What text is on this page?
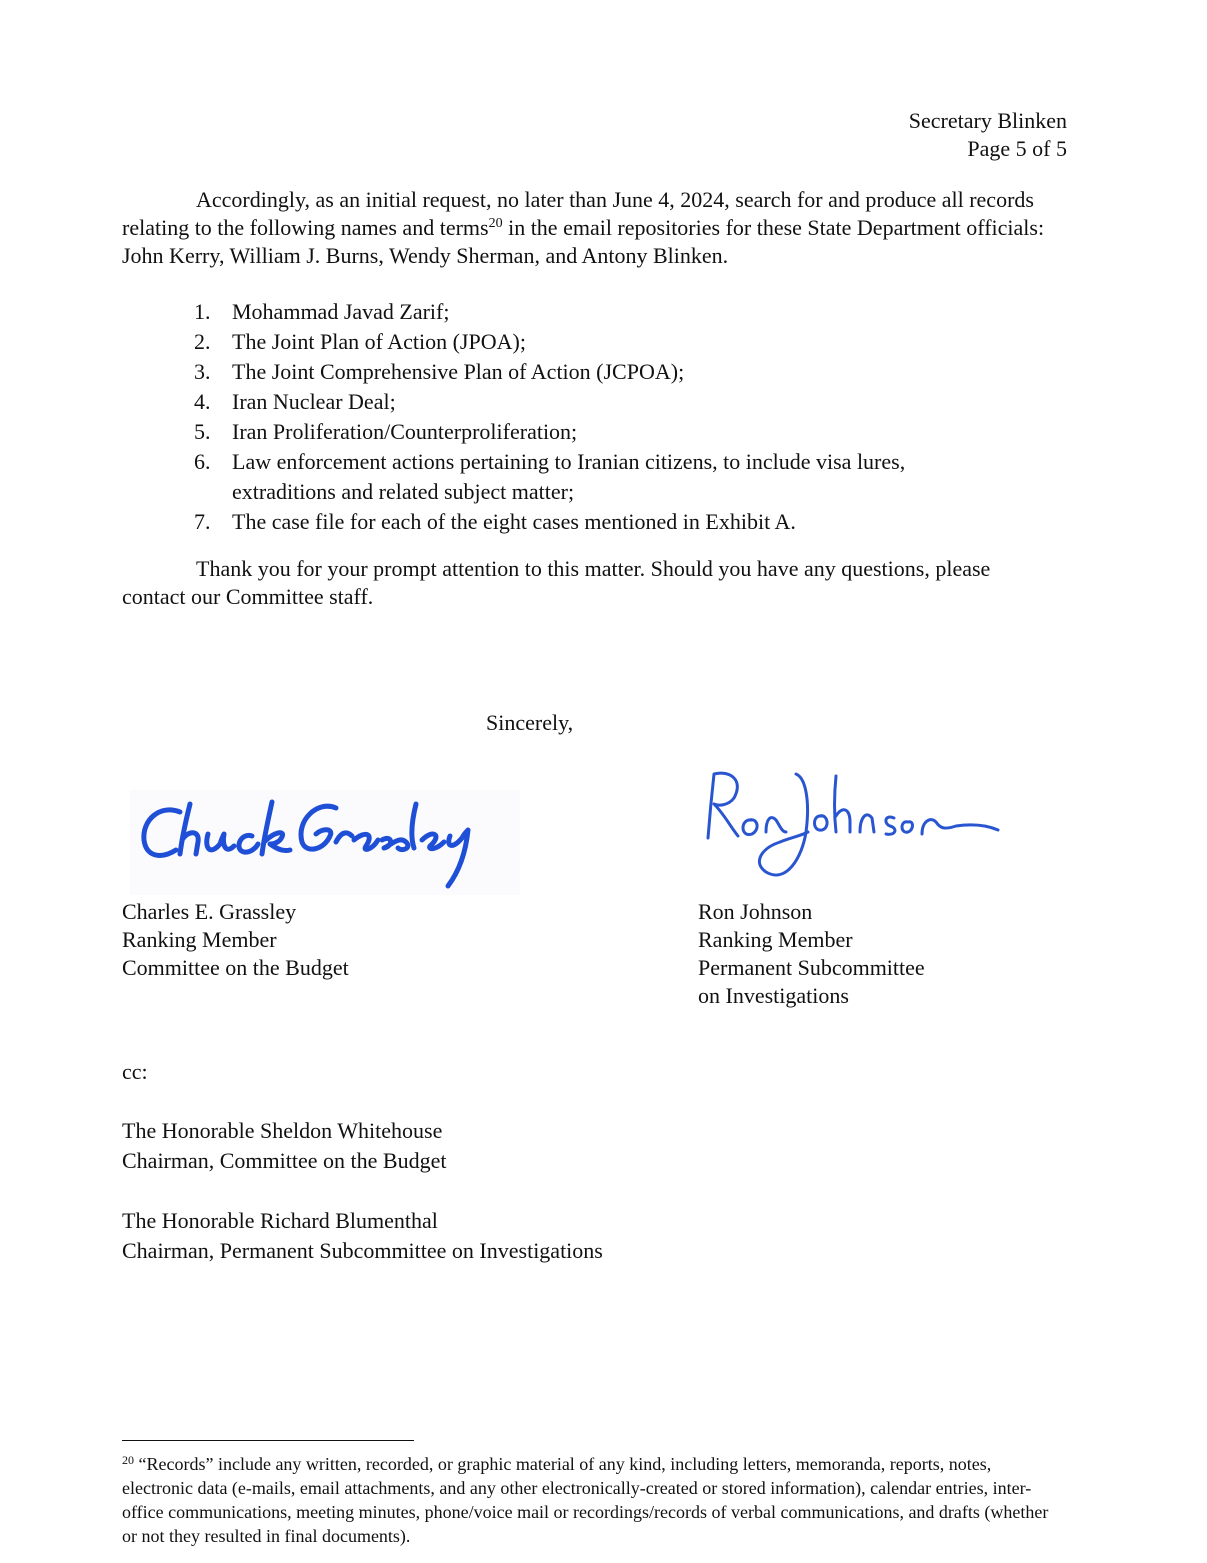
Secretary Blinken
Page 5 of 5
Accordingly, as an initial request, no later than June 4, 2024, search for and produce all records relating to the following names and terms$^{20}$ in the email repositories for these State Department officials: John Kerry, William J. Burns, Wendy Sherman, and Antony Blinken.
1. Mohammad Javad Zarif;
2. The Joint Plan of Action (JPOA);
3. The Joint Comprehensive Plan of Action (JCPOA);
4. Iran Nuclear Deal;
5. Iran Proliferation/Counterproliferation;
6. Law enforcement actions pertaining to Iranian citizens, to include visa lures, extraditions and related subject matter;
7. The case file for each of the eight cases mentioned in Exhibit A.
Thank you for your prompt attention to this matter. Should you have any questions, please contact our Committee staff.
Sincerely,
Charles E. Grassley
Ranking Member
Committee on the Budget
Ron Johnson
Ranking Member
Permanent Subcommittee
on Investigations
cc:
The Honorable Sheldon Whitehouse
Chairman, Committee on the Budget
The Honorable Richard Blumenthal
Chairman, Permanent Subcommittee on Investigations
$^{20}$ “Records” include any written, recorded, or graphic material of any kind, including letters, memoranda, reports, notes, electronic data (e-mails, email attachments, and any other electronically-created or stored information), calendar entries, inter-office communications, meeting minutes, phone/voice mail or recordings/records of verbal communications, and drafts (whether or not they resulted in final documents).
